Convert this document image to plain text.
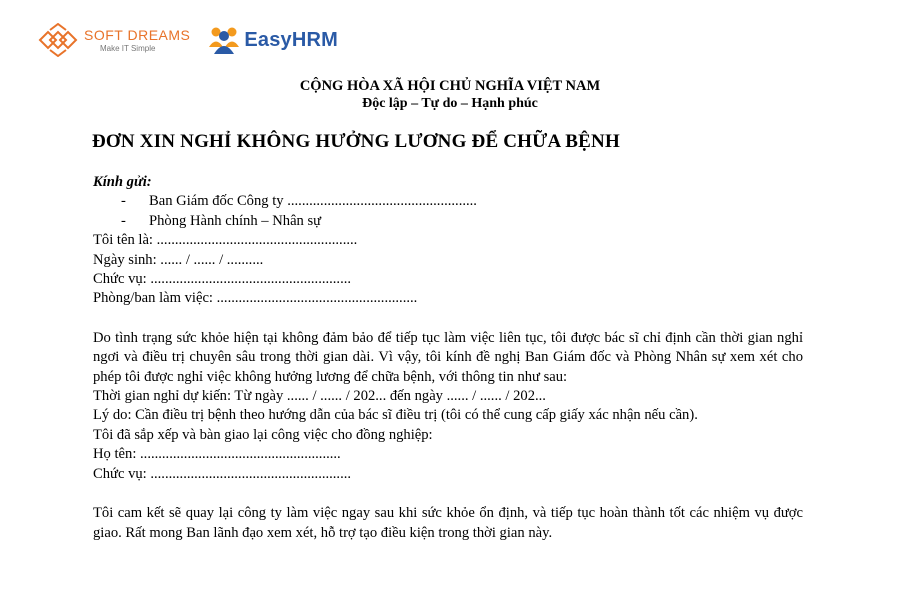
SOFT DREAMS
Make IT Simple	EasyHRM
CỘNG HÒA XÃ HỘI CHỦ NGHĨA VIỆT NAM
Độc lập – Tự do – Hạnh phúc
ĐƠN XIN NGHỈ KHÔNG HƯỞNG LƯƠNG ĐỂ CHỮA BỆNH

Kính gửi:

- Ban Giám đốc Công ty ....................................................

- Phòng Hành chính – Nhân sự

Tôi tên là: .......................................................

Ngày sinh: ...... / ...... / ..........

Chức vụ: .......................................................

Phòng/ban làm việc: .......................................................

Do tình trạng sức khỏe hiện tại không đảm bảo để tiếp tục làm việc liên tục, tôi được bác sĩ chỉ định cần thời gian nghỉ ngơi và điều trị chuyên sâu trong thời gian dài. Vì vậy, tôi kính đề nghị Ban Giám đốc và Phòng Nhân sự xem xét cho phép tôi được nghỉ việc không hưởng lương để chữa bệnh, với thông tin như sau:

Thời gian nghỉ dự kiến: Từ ngày ...... / ...... / 202... đến ngày ...... / ...... / 202...

Lý do: Cần điều trị bệnh theo hướng dẫn của bác sĩ điều trị (tôi có thể cung cấp giấy xác nhận nếu cần).

Tôi đã sắp xếp và bàn giao lại công việc cho đồng nghiệp:

Họ tên: .......................................................

Chức vụ: .......................................................

Tôi cam kết sẽ quay lại công ty làm việc ngay sau khi sức khỏe ổn định, và tiếp tục hoàn thành tốt các nhiệm vụ được giao. Rất mong Ban lãnh đạo xem xét, hỗ trợ tạo điều kiện trong thời gian này.
